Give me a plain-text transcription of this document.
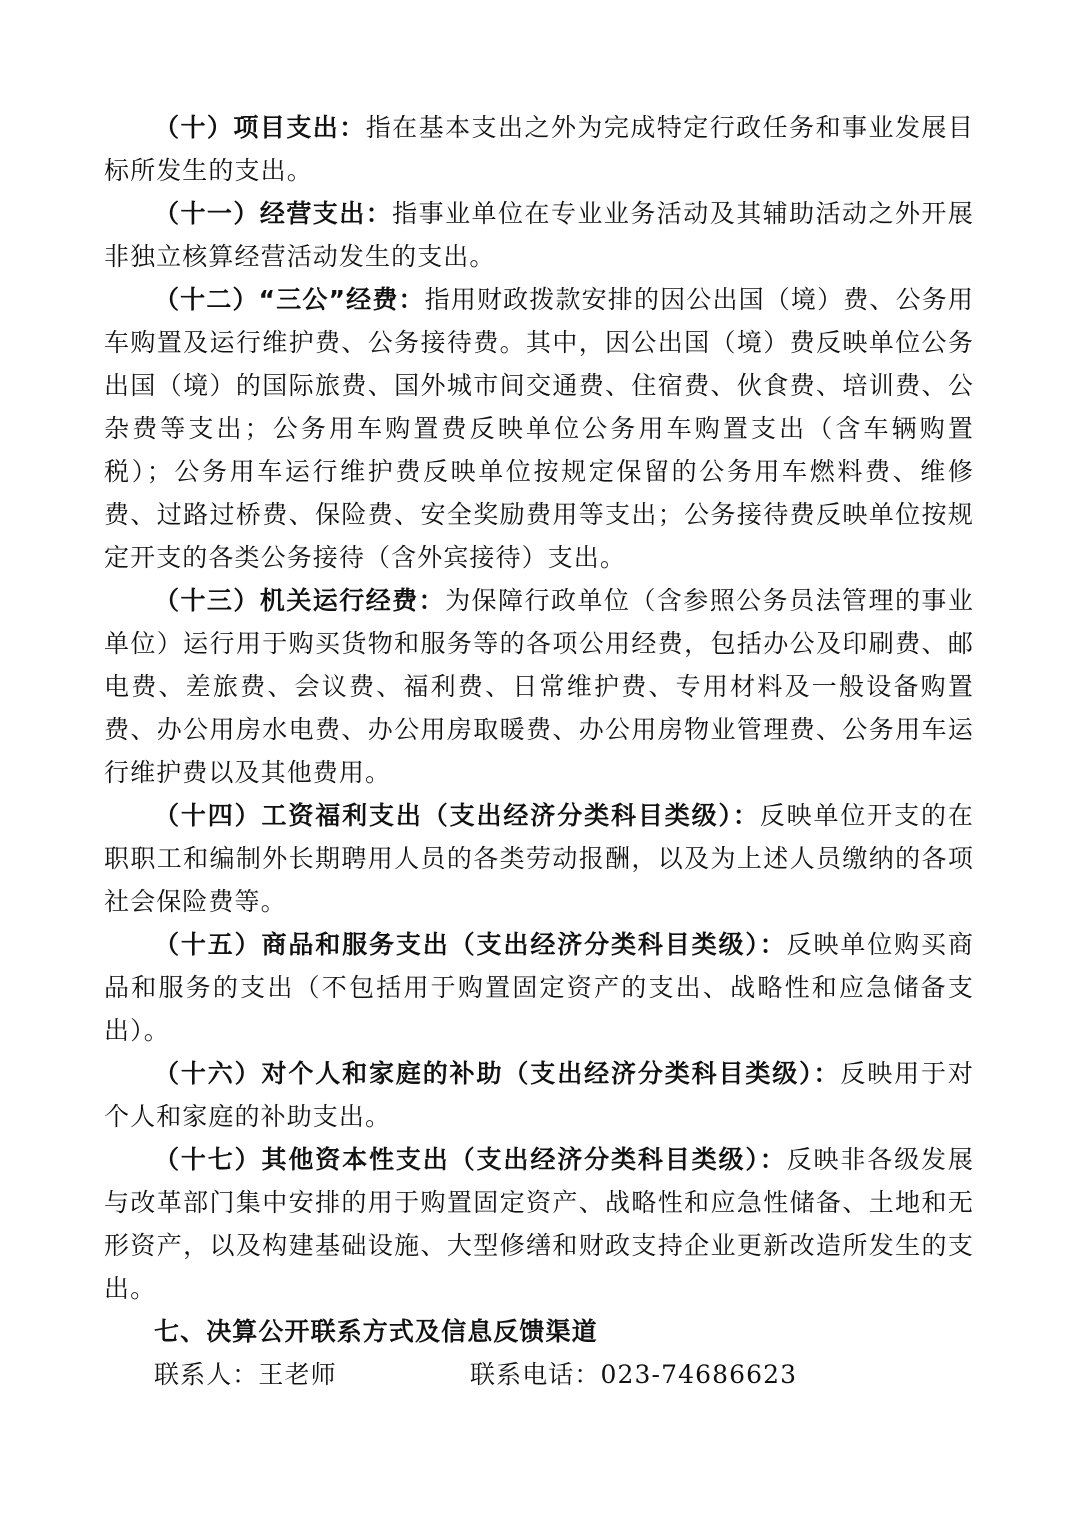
（十）项目支出：指在基本支出之外为完成特定行政任务和事业发展目标所发生的支出。

（十一）经营支出：指事业单位在专业业务活动及其辅助活动之外开展非独立核算经营活动发生的支出。

（十二）“三公”经费：指用财政拨款安排的因公出国（境）费、公务用车购置及运行维护费、公务接待费。其中，因公出国（境）费反映单位公务出国（境）的国际旅费、国外城市间交通费、住宿费、伙食费、培训费、公杂费等支出；公务用车购置费反映单位公务用车购置支出（含车辆购置税）；公务用车运行维护费反映单位按规定保留的公务用车燃料费、维修费、过路过桥费、保险费、安全奖励费用等支出；公务接待费反映单位按规定开支的各类公务接待（含外宾接待）支出。

（十三）机关运行经费：为保障行政单位（含参照公务员法管理的事业单位）运行用于购买货物和服务等的各项公用经费，包括办公及印刷费、邮电费、差旅费、会议费、福利费、日常维护费、专用材料及一般设备购置费、办公用房水电费、办公用房取暖费、办公用房物业管理费、公务用车运行维护费以及其他费用。

（十四）工资福利支出（支出经济分类科目类级）：反映单位开支的在职职工和编制外长期聘用人员的各类劳动报酬，以及为上述人员缴纳的各项社会保险费等。

（十五）商品和服务支出（支出经济分类科目类级）：反映单位购买商品和服务的支出（不包括用于购置固定资产的支出、战略性和应急储备支出）。

（十六）对个人和家庭的补助（支出经济分类科目类级）：反映用于对个人和家庭的补助支出。

（十七）其他资本性支出（支出经济分类科目类级）：反映非各级发展与改革部门集中安排的用于购置固定资产、战略性和应急性储备、土地和无形资产，以及构建基础设施、大型修缮和财政支持企业更新改造所发生的支出。

七、决算公开联系方式及信息反馈渠道

联系人：王老师	联系电话：023-74686623
